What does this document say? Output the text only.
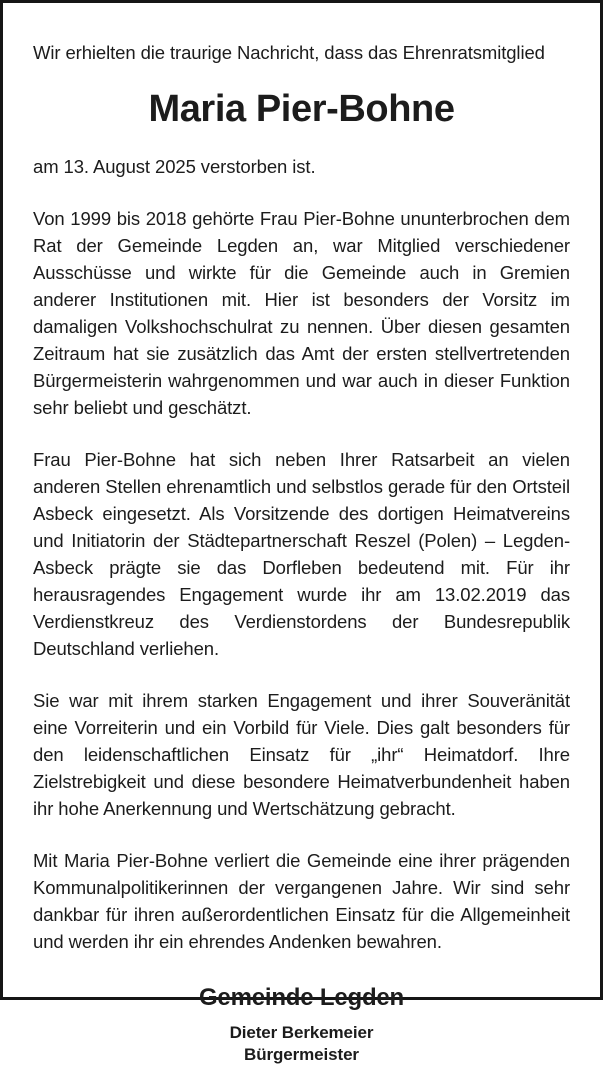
Wir erhielten die traurige Nachricht, dass das Ehrenratsmitglied

Maria Pier-Bohne

am 13. August 2025 verstorben ist.

Von 1999 bis 2018 gehörte Frau Pier-Bohne ununterbrochen dem Rat der Gemeinde Legden an, war Mitglied verschiedener Ausschüsse und wirkte für die Gemeinde auch in Gremien anderer Institutionen mit. Hier ist besonders der Vorsitz im damaligen Volkshochschulrat zu nennen. Über diesen gesamten Zeitraum hat sie zusätzlich das Amt der ersten stellvertretenden Bürgermeisterin wahrgenommen und war auch in dieser Funktion sehr beliebt und geschätzt.

Frau Pier-Bohne hat sich neben Ihrer Ratsarbeit an vielen anderen Stellen ehrenamtlich und selbstlos gerade für den Ortsteil Asbeck eingesetzt. Als Vorsitzende des dortigen Heimatvereins und Initiatorin der Städtepartnerschaft Reszel (Polen) – Legden-Asbeck prägte sie das Dorfleben bedeutend mit. Für ihr herausragendes Engagement wurde ihr am 13.02.2019 das Verdienstkreuz des Verdienstordens der Bundesrepublik Deutschland verliehen.

Sie war mit ihrem starken Engagement und ihrer Souveränität eine Vorreiterin und ein Vorbild für Viele. Dies galt besonders für den leidenschaftlichen Einsatz für „ihr“ Heimatdorf. Ihre Zielstrebigkeit und diese besondere Heimatverbundenheit haben ihr hohe Anerkennung und Wertschätzung gebracht.

Mit Maria Pier-Bohne verliert die Gemeinde eine ihrer prägenden Kommunalpolitikerinnen der vergangenen Jahre. Wir sind sehr dankbar für ihren außerordentlichen Einsatz für die Allgemeinheit und werden ihr ein ehrendes Andenken bewahren.

Gemeinde Legden

Dieter Berkemeier

Bürgermeister
